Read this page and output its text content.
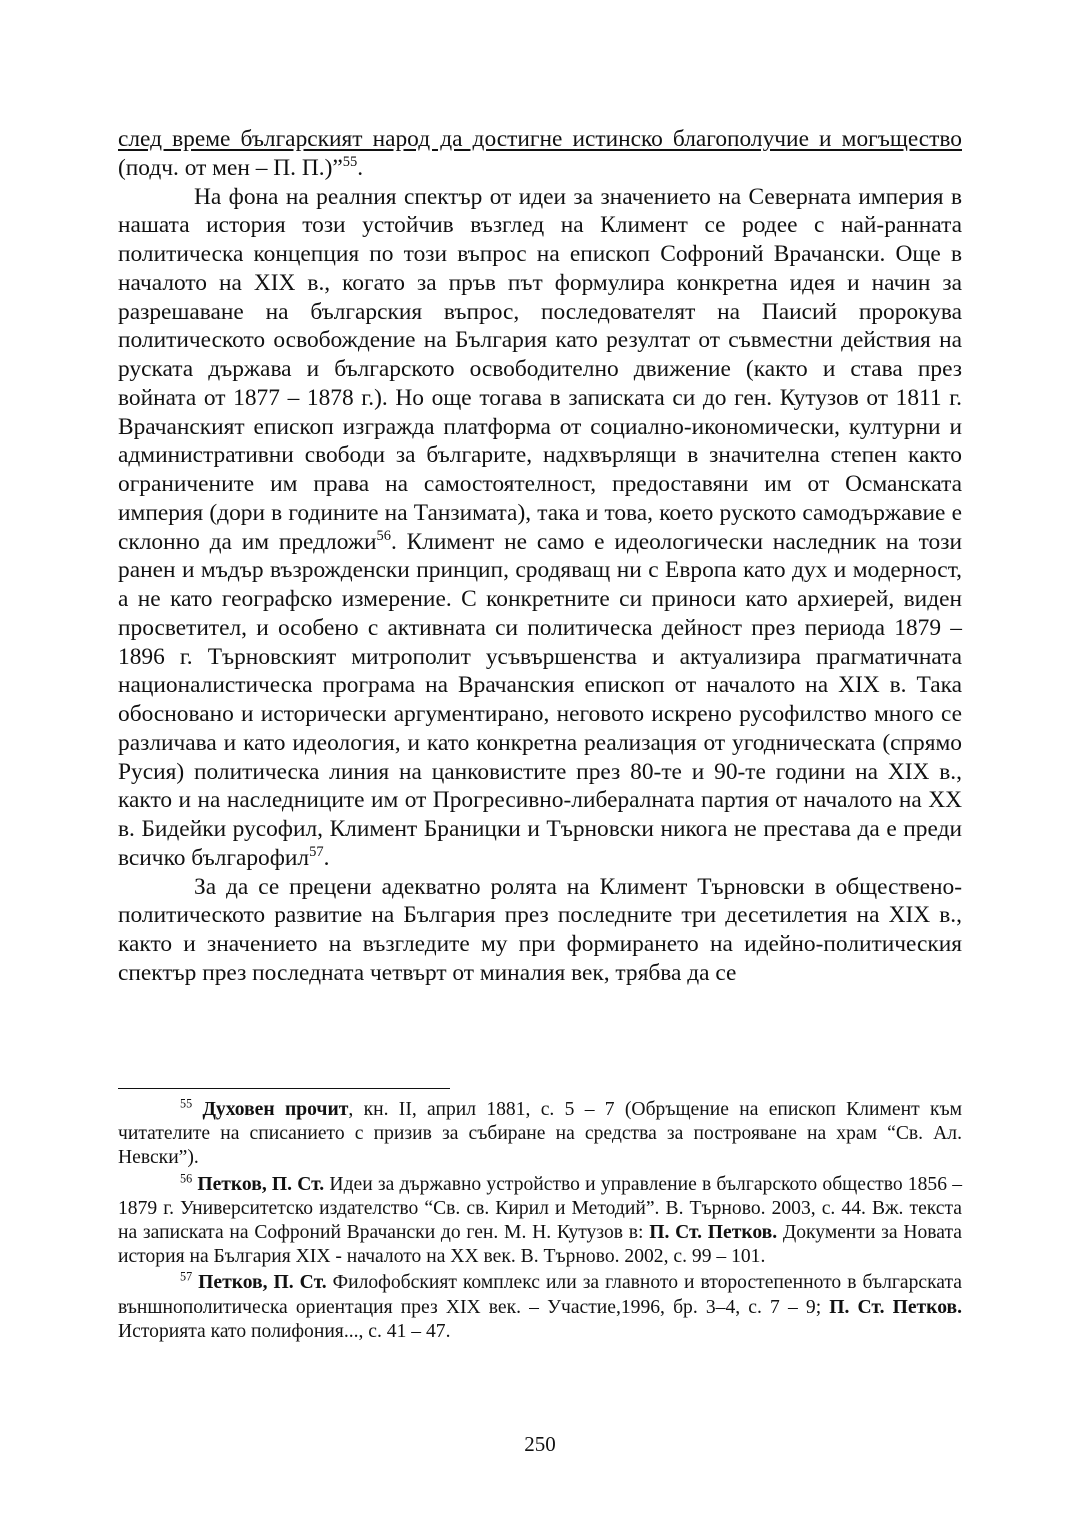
след време българският народ да достигне истинско благополучие и могъщество (подч. от мен – П. П.)”$^{55}$.

На фона на реалния спектър от идеи за значението на Северната империя в нашата история този устойчив възглед на Климент се родее с най-ранната политическа концепция по този въпрос на епископ Софроний Врачански. Още в началото на XIX в., когато за пръв път формулира конкретна идея и начин за разрешаване на българския въпрос, последователят на Паисий пророкува политическото освобождение на България като резултат от съвместни действия на руската държава и българското освободително движение (както и става през войната от 1877 – 1878 г.). Но още тогава в записката си до ген. Кутузов от 1811 г. Врачанският епископ изгражда платформа от социално-икономически, културни и административни свободи за българите, надхвърлящи в значителна степен както ограничените им права на самостоятелност, предоставяни им от Османската империя (дори в годините на Танзимата), така и това, което руското самодържавие е склонно да им предложи$^{56}$. Климент не само е идеологически наследник на този ранен и мъдър възрожденски принцип, сродяващ ни с Европа като дух и модерност, а не като географско измерение. С конкретните си приноси като архиерей, виден просветител, и особено с активната си политическа дейност през периода 1879 – 1896 г. Търновският митрополит усъвършенства и актуализира прагматичната националистическа програма на Врачанския епископ от началото на XIX в. Така обосновано и исторически аргументирано, неговото искрено русофилство много се различава и като идеология, и като конкретна реализация от угодническата (спрямо Русия) политическа линия на цанковистите през 80-те и 90-те години на XIX в., както и на наследниците им от Прогресивно-либералната партия от началото на XX в. Бидейки русофил, Климент Браницки и Търновски никога не престава да е преди всичко българофил$^{57}$.

За да се прецени адекватно ролята на Климент Търновски в обществено-политическото развитие на България през последните три десетилетия на XIX в., както и значението на възгледите му при формирането на идейно-политическия спектър през последната четвърт от миналия век, трябва да се

$^{55}$ Духовен прочит, кн. II, април 1881, с. 5 – 7 (Обръщение на епископ Климент към читателите на списанието с призив за събиране на средства за построяване на храм “Св. Ал. Невски”).

$^{56}$ Петков, П. Ст. Идеи за държавно устройство и управление в българското общество 1856 – 1879 г. Университетско издателство “Св. св. Кирил и Методий”. В. Търново. 2003, с. 44. Вж. текста на записката на Софроний Врачански до ген. М. Н. Кутузов в: П. Ст. Петков. Документи за Новата история на България XIX - началото на XX век. В. Търново. 2002, с. 99 – 101.

$^{57}$ Петков, П. Ст. Филофобският комплекс или за главното и второстепенното в българската външнополитическа ориентация през XIX век. – Участие,1996, бр. 3–4, с. 7 – 9; П. Ст. Петков. Историята като полифония..., с. 41 – 47.

250
